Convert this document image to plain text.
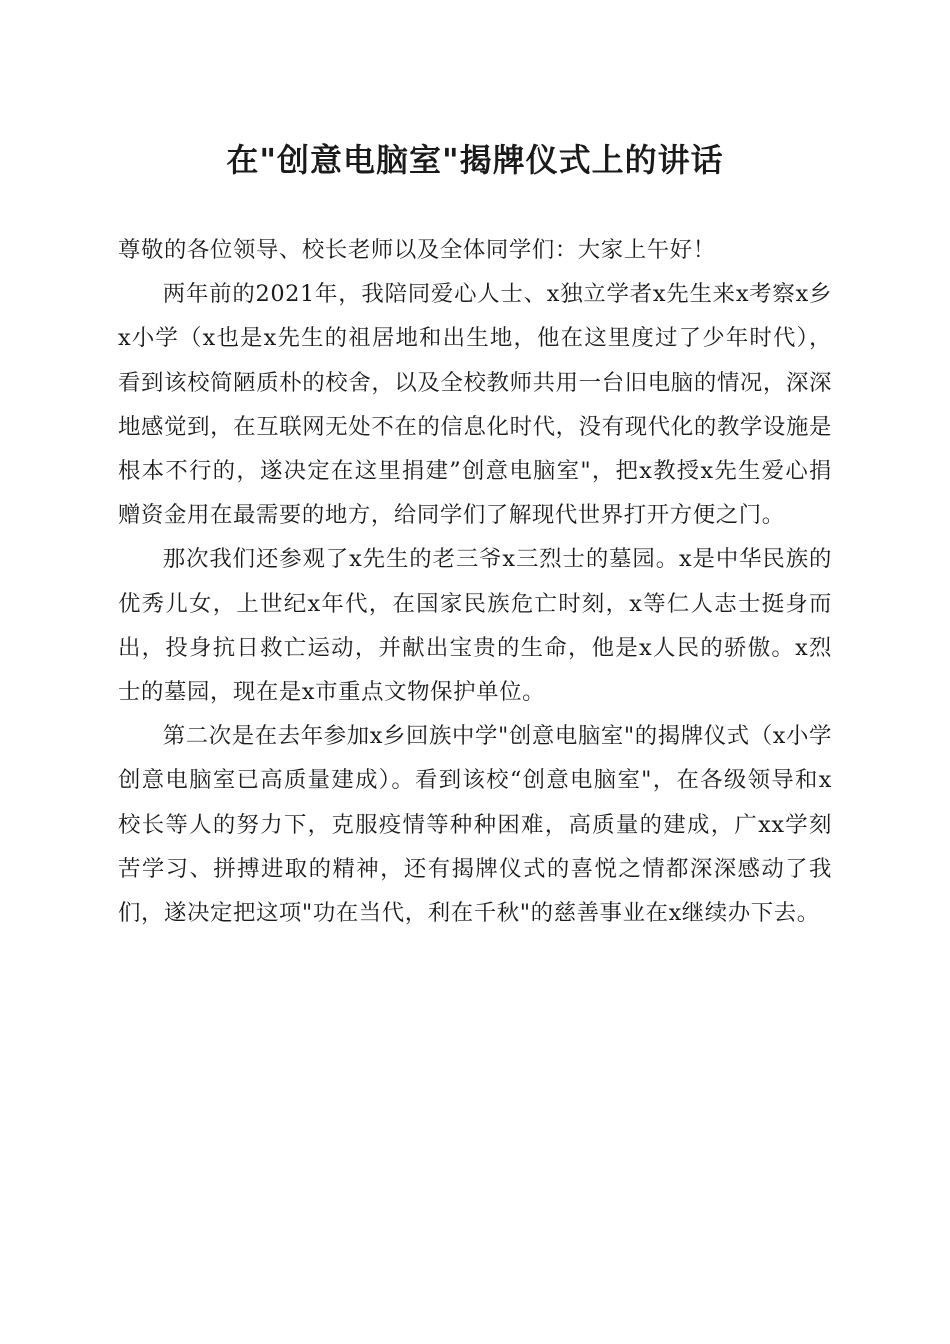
在"创意电脑室"揭牌仪式上的讲话

尊敬的各位领导、校长老师以及全体同学们：大家上午好！

两年前的2021年，我陪同爱心人士、x独立学者x先生来x考察x乡x小学（x也是x先生的祖居地和出生地，他在这里度过了少年时代），看到该校简陋质朴的校舍，以及全校教师共用一台旧电脑的情况，深深地感觉到，在互联网无处不在的信息化时代，没有现代化的教学设施是根本不行的，遂决定在这里捐建”创意电脑室"，把x教授x先生爱心捐赠资金用在最需要的地方，给同学们了解现代世界打开方便之门。

那次我们还参观了x先生的老三爷x三烈士的墓园。x是中华民族的优秀儿女，上世纪x年代，在国家民族危亡时刻，x等仁人志士挺身而出，投身抗日救亡运动，并献出宝贵的生命，他是x人民的骄傲。x烈士的墓园，现在是x市重点文物保护单位。

第二次是在去年参加x乡回族中学"创意电脑室"的揭牌仪式（x小学创意电脑室已高质量建成）。看到该校“创意电脑室"，在各级领导和x校长等人的努力下，克服疫情等种种困难，高质量的建成，广xx学刻苦学习、拼搏进取的精神，还有揭牌仪式的喜悦之情都深深感动了我们，遂决定把这项"功在当代，利在千秋"的慈善事业在x继续办下去。
